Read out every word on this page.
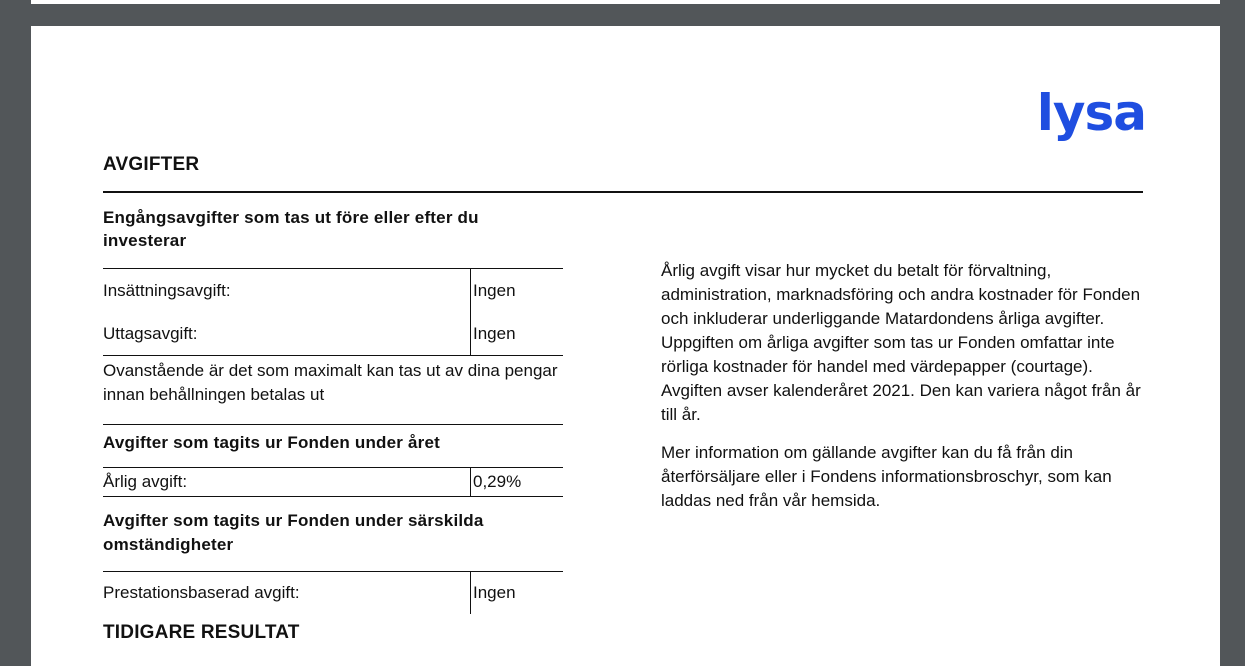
lysa
AVGIFTER
Engångsavgifter som tas ut före eller efter du investerar
Insättningsavgift:	Ingen
Uttagsavgift:	Ingen
Ovanstående är det som maximalt kan tas ut av dina pengar innan behållningen betalas ut
Avgifter som tagits ur Fonden under året
Årlig avgift:	0,29%
Avgifter som tagits ur Fonden under särskilda omständigheter
Prestationsbaserad avgift:	Ingen

Årlig avgift visar hur mycket du betalt för förvaltning, administration, marknadsföring och andra kostnader för Fonden och inkluderar underliggande Matardondens årliga avgifter. Uppgiften om årliga avgifter som tas ur Fonden omfattar inte rörliga kostnader för handel med värdepapper (courtage). Avgiften avser kalenderåret 2021. Den kan variera något från år till år.

Mer information om gällande avgifter kan du få från din återförsäljare eller i Fondens informationsbroschyr, som kan laddas ned från vår hemsida.

TIDIGARE RESULTAT
